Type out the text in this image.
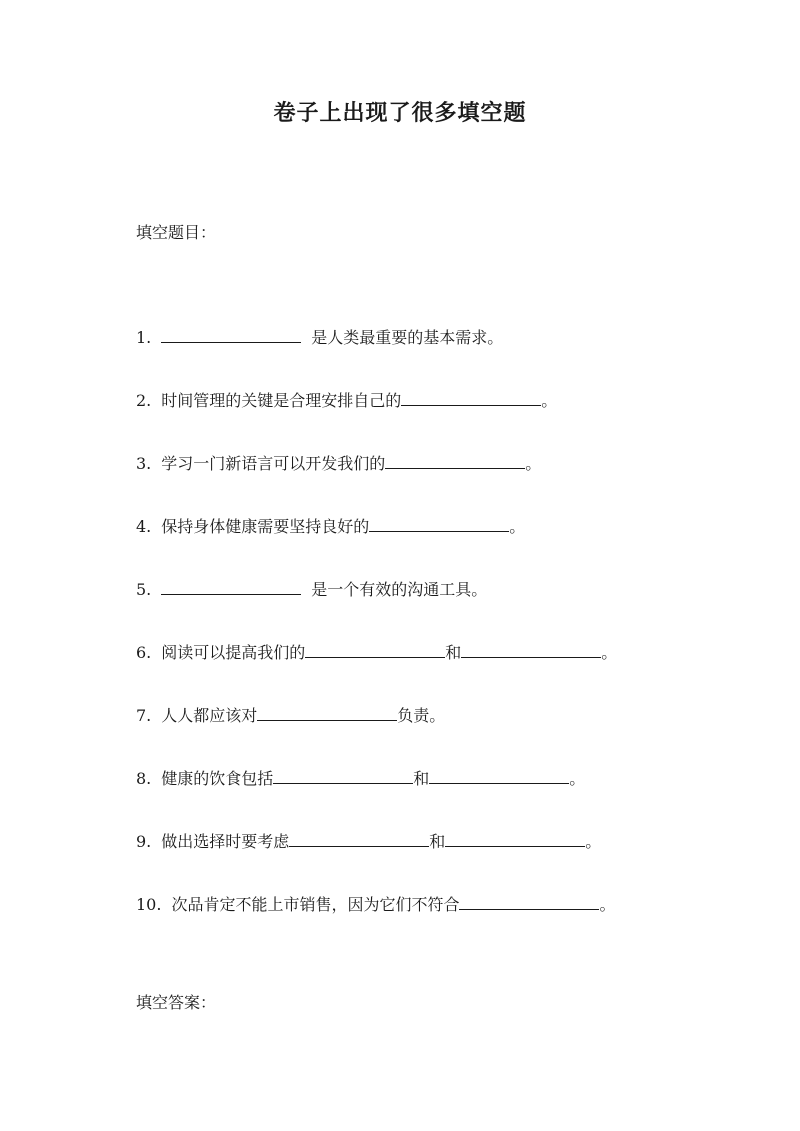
卷子上出现了很多填空题
填空题目：
1.	是人类最重要的基本需求。
2. 时间管理的关键是合理安排自己的	。
3. 学习一门新语言可以开发我们的	。
4. 保持身体健康需要坚持良好的	。
5.	是一个有效的沟通工具。
6. 阅读可以提高我们的	和	。
7. 人人都应该对	负责。
8. 健康的饮食包括	和	。
9. 做出选择时要考虑	和	。
10. 次品肯定不能上市销售，因为它们不符合	。
填空答案：
